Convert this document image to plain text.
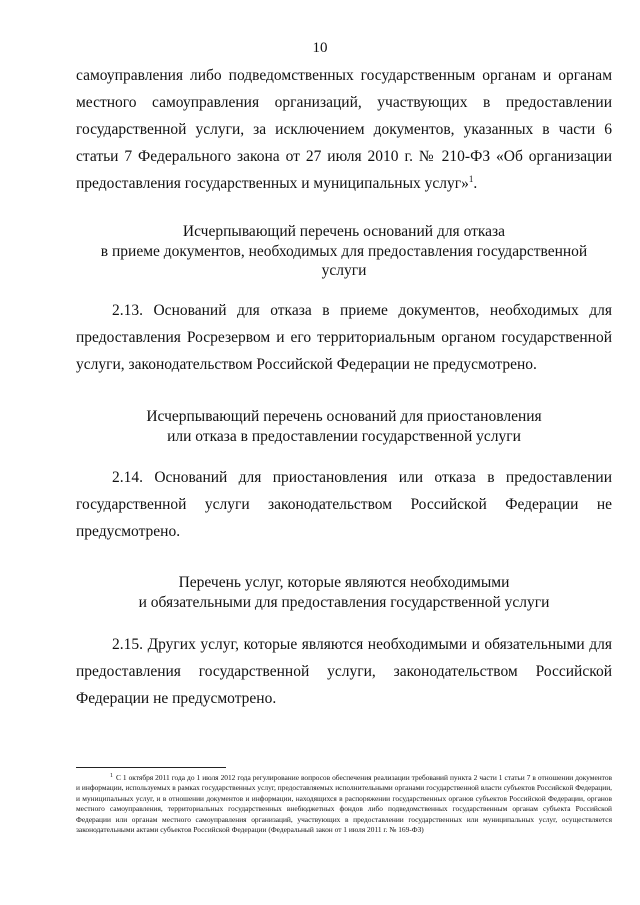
10

самоуправления либо подведомственных государственным органам и органам местного самоуправления организаций, участвующих в предоставлении государственной услуги, за исключением документов, указанных в части 6 статьи 7 Федерального закона от 27 июля 2010 г. № 210-ФЗ «Об организации предоставления государственных и муниципальных услуг»$^1$.

Исчерпывающий перечень оснований для отказа
в приеме документов, необходимых для предоставления государственной
услуги

2.13. Оснований для отказа в приеме документов, необходимых для предоставления Росрезервом и его территориальным органом государственной услуги, законодательством Российской Федерации не предусмотрено.

Исчерпывающий перечень оснований для приостановления
или отказа в предоставлении государственной услуги

2.14. Оснований для приостановления или отказа в предоставлении государственной услуги законодательством Российской Федерации не предусмотрено.

Перечень услуг, которые являются необходимыми
и обязательными для предоставления государственной услуги

2.15. Других услуг, которые являются необходимыми и обязательными для предоставления государственной услуги, законодательством Российской Федерации не предусмотрено.

$^1$ С 1 октября 2011 года до 1 июля 2012 года регулирование вопросов обеспечения реализации требований пункта 2 части 1 статьи 7 в отношении документов и информации, используемых в рамках государственных услуг, предоставляемых исполнительными органами государственной власти субъектов Российской Федерации, и муниципальных услуг, и в отношении документов и информации, находящихся в распоряжении государственных органов субъектов Российской Федерации, органов местного самоуправления, территориальных государственных внебюджетных фондов либо подведомственных государственным органам субъекта Российской Федерации или органам местного самоуправления организаций, участвующих в предоставлении государственных или муниципальных услуг, осуществляется законодательными актами субъектов Российской Федерации (Федеральный закон от 1 июля 2011 г. № 169-ФЗ)
